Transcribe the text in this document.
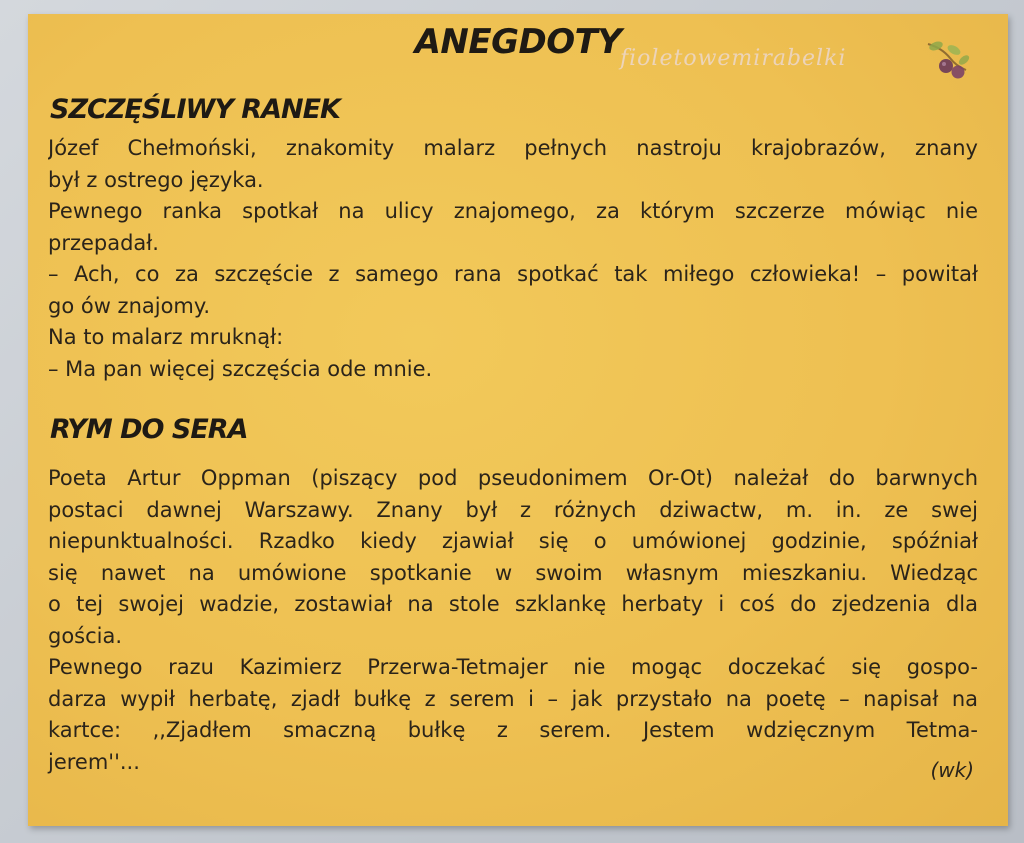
ANEGDOTY
fioletowemirabelki
SZCZĘŚLIWY RANEK

Józef Chełmoński, znakomity malarz pełnych nastroju krajobrazów, znany
był z ostrego języka.
Pewnego ranka spotkał na ulicy znajomego, za którym szczerze mówiąc nie
przepadał.
– Ach, co za szczęście z samego rana spotkać tak miłego człowieka! – powitał
go ów znajomy.
Na to malarz mruknął:
– Ma pan więcej szczęścia ode mnie.

RYM DO SERA

Poeta Artur Oppman (piszący pod pseudonimem Or-Ot) należał do barwnych
postaci dawnej Warszawy. Znany był z różnych dziwactw, m. in. ze swej
niepunktualności. Rzadko kiedy zjawiał się o umówionej godzinie, spóźniał
się nawet na umówione spotkanie w swoim własnym mieszkaniu. Wiedząc
o tej swojej wadzie, zostawiał na stole szklankę herbaty i coś do zjedzenia dla
gościa.
Pewnego razu Kazimierz Przerwa-Tetmajer nie mogąc doczekać się gospo-
darza wypił herbatę, zjadł bułkę z serem i – jak przystało na poetę – napisał na
kartce: ,,Zjadłem smaczną bułkę z serem. Jestem wdzięcznym Tetma-
jerem''...	(wk)
